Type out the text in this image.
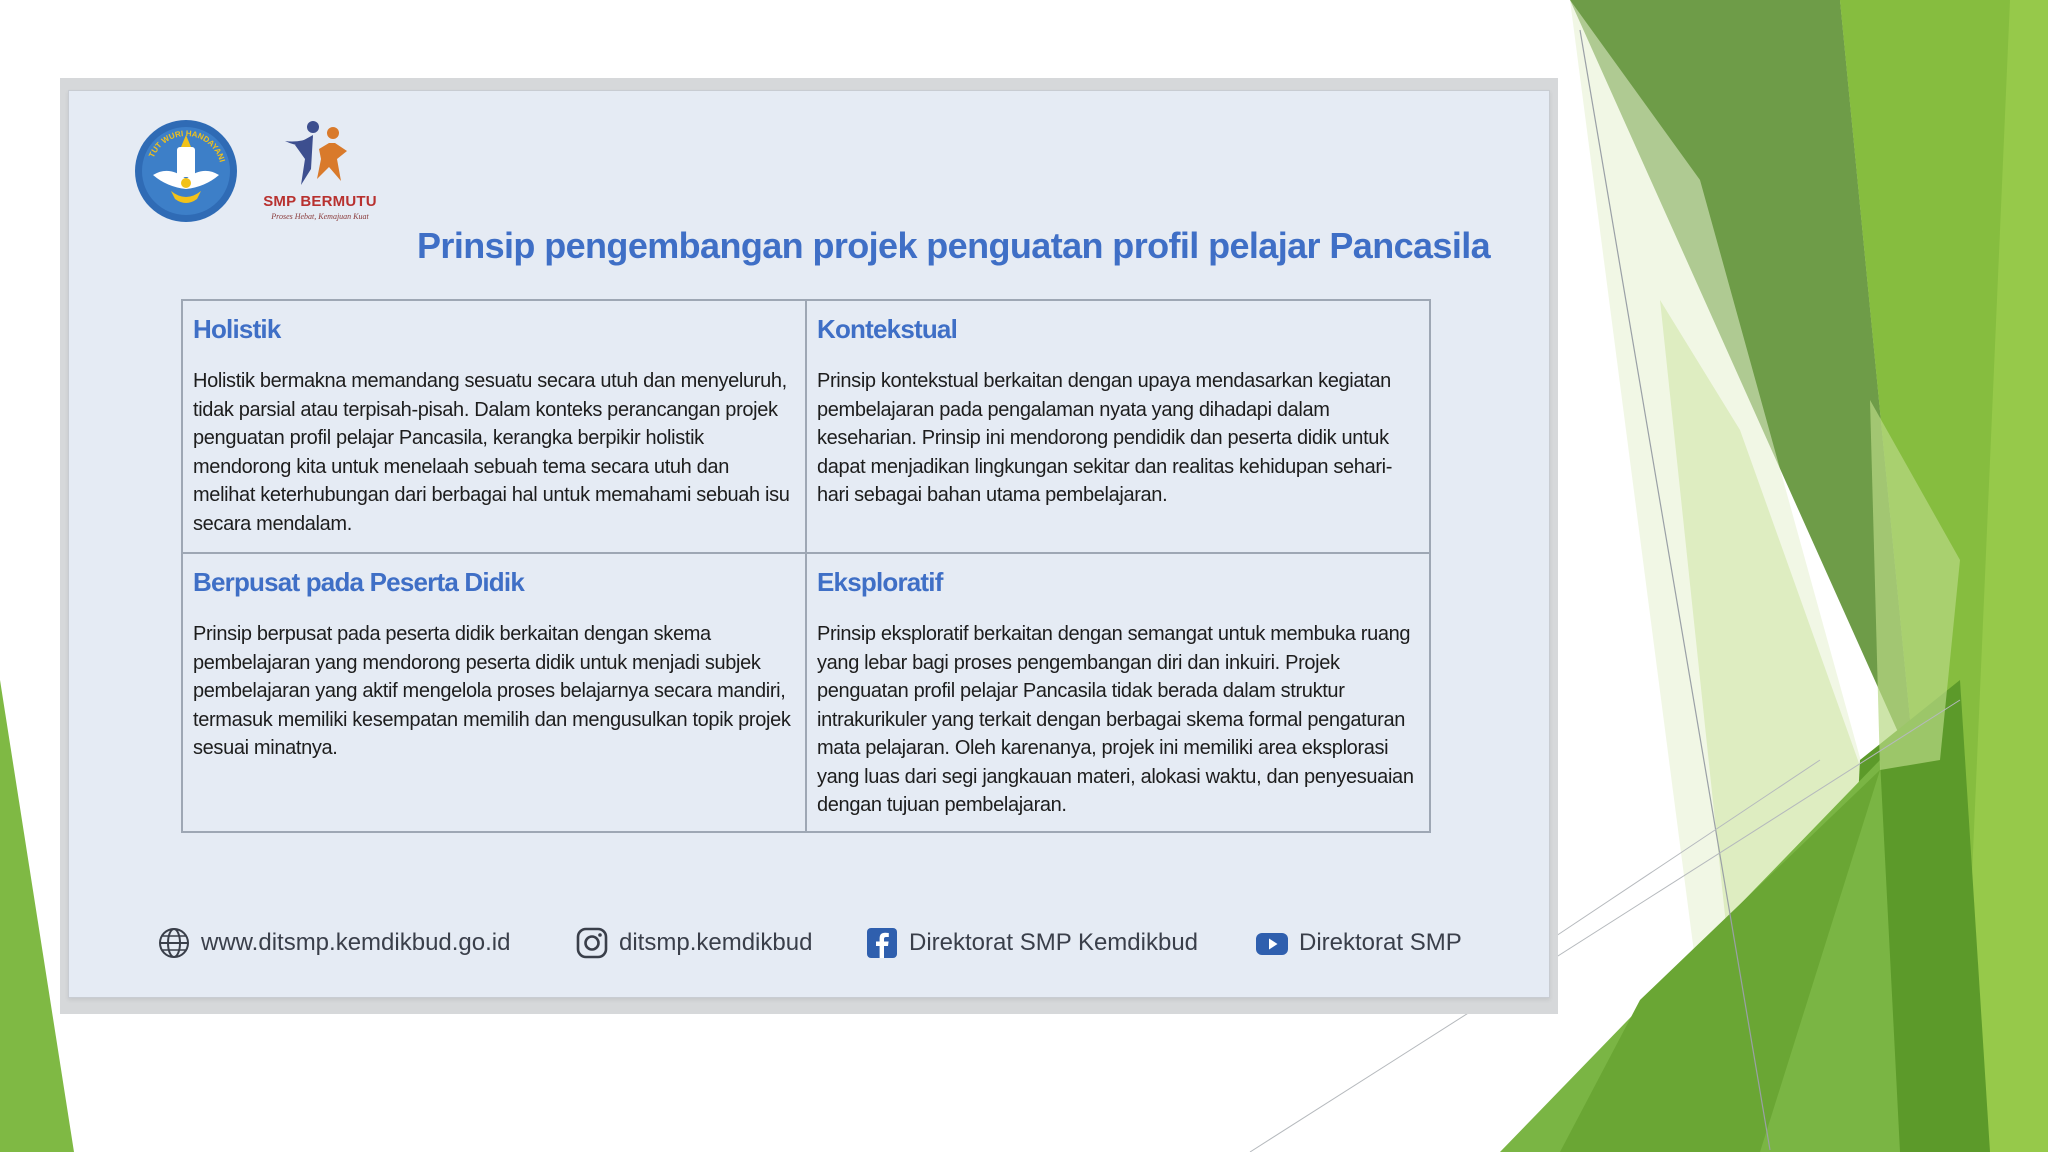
TUT WURI HANDAYANI
SMP BERMUTU
Proses Hebat, Kemajuan Kuat
Prinsip pengembangan projek penguatan profil pelajar Pancasila
Holistik
Holistik bermakna memandang sesuatu secara utuh dan menyeluruh, tidak parsial atau terpisah-pisah. Dalam konteks perancangan projek penguatan profil pelajar Pancasila, kerangka berpikir holistik mendorong kita untuk menelaah sebuah tema secara utuh dan melihat keterhubungan dari berbagai hal untuk memahami sebuah isu secara mendalam.
Kontekstual
Prinsip kontekstual berkaitan dengan upaya mendasarkan kegiatan pembelajaran pada pengalaman nyata yang dihadapi dalam keseharian. Prinsip ini mendorong pendidik dan peserta didik untuk dapat menjadikan lingkungan sekitar dan realitas kehidupan sehari-hari sebagai bahan utama pembelajaran.
Berpusat pada Peserta Didik
Prinsip berpusat pada peserta didik berkaitan dengan skema pembelajaran yang mendorong peserta didik untuk menjadi subjek pembelajaran yang aktif mengelola proses belajarnya secara mandiri, termasuk memiliki kesempatan memilih dan mengusulkan topik projek sesuai minatnya.
Eksploratif
Prinsip eksploratif berkaitan dengan semangat untuk membuka ruang yang lebar bagi proses pengembangan diri dan inkuiri. Projek penguatan profil pelajar Pancasila tidak berada dalam struktur intrakurikuler yang terkait dengan berbagai skema formal pengaturan mata pelajaran. Oleh karenanya, projek ini memiliki area eksplorasi yang luas dari segi jangkauan materi, alokasi waktu, dan penyesuaian dengan tujuan pembelajaran.
www.ditsmp.kemdikbud.go.id	ditsmp.kemdikbud	Direktorat SMP Kemdikbud	Direktorat SMP
